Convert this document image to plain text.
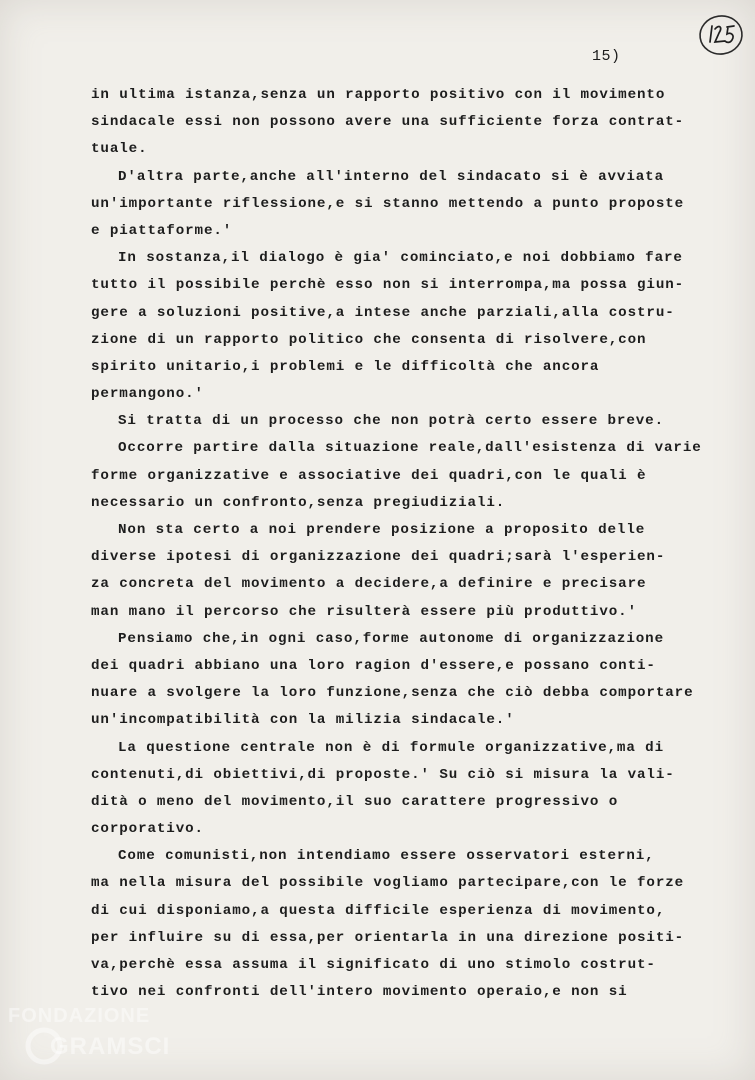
15)
in ultima istanza,senza un rapporto positivo con il movimento
sindacale essi non possono avere una sufficiente forza contrat-
tuale.
D'altra parte,anche all'interno del sindacato si è avviata
un'importante riflessione,e si stanno mettendo a punto proposte
e piattaforme.'
In sostanza,il dialogo è gia' cominciato,e noi dobbiamo fare
tutto il possibile perchè esso non si interrompa,ma possa giun-
gere a soluzioni positive,a intese anche parziali,alla costru-
zione di un rapporto politico che consenta di risolvere,con
spirito unitario,i problemi e le difficoltà che ancora
permangono.'
Si tratta di un processo che non potrà certo essere breve.
Occorre partire dalla situazione reale,dall'esistenza di varie
forme organizzative e associative dei quadri,con le quali è
necessario un confronto,senza pregiudiziali.
Non sta certo a noi prendere posizione a proposito delle
diverse ipotesi di organizzazione dei quadri;sarà l'esperien-
za concreta del movimento a decidere,a definire e precisare
man mano il percorso che risulterà essere più produttivo.'
Pensiamo che,in ogni caso,forme autonome di organizzazione
dei quadri abbiano una loro ragion d'essere,e possano conti-
nuare a svolgere la loro funzione,senza che ciò debba comportare
un'incompatibilità con la milizia sindacale.'
La questione centrale non è di formule organizzative,ma di
contenuti,di obiettivi,di proposte.' Su ciò si misura la vali-
dità o meno del movimento,il suo carattere progressivo o
corporativo.
Come comunisti,non intendiamo essere osservatori esterni,
ma nella misura del possibile vogliamo partecipare,con le forze
di cui disponiamo,a questa difficile esperienza di movimento,
per influire su di essa,per orientarla in una direzione positi-
va,perchè essa assuma il significato di uno stimolo costrut-
tivo nei confronti dell'intero movimento operaio,e non si
FONDAZIONE
GRAMSCI
